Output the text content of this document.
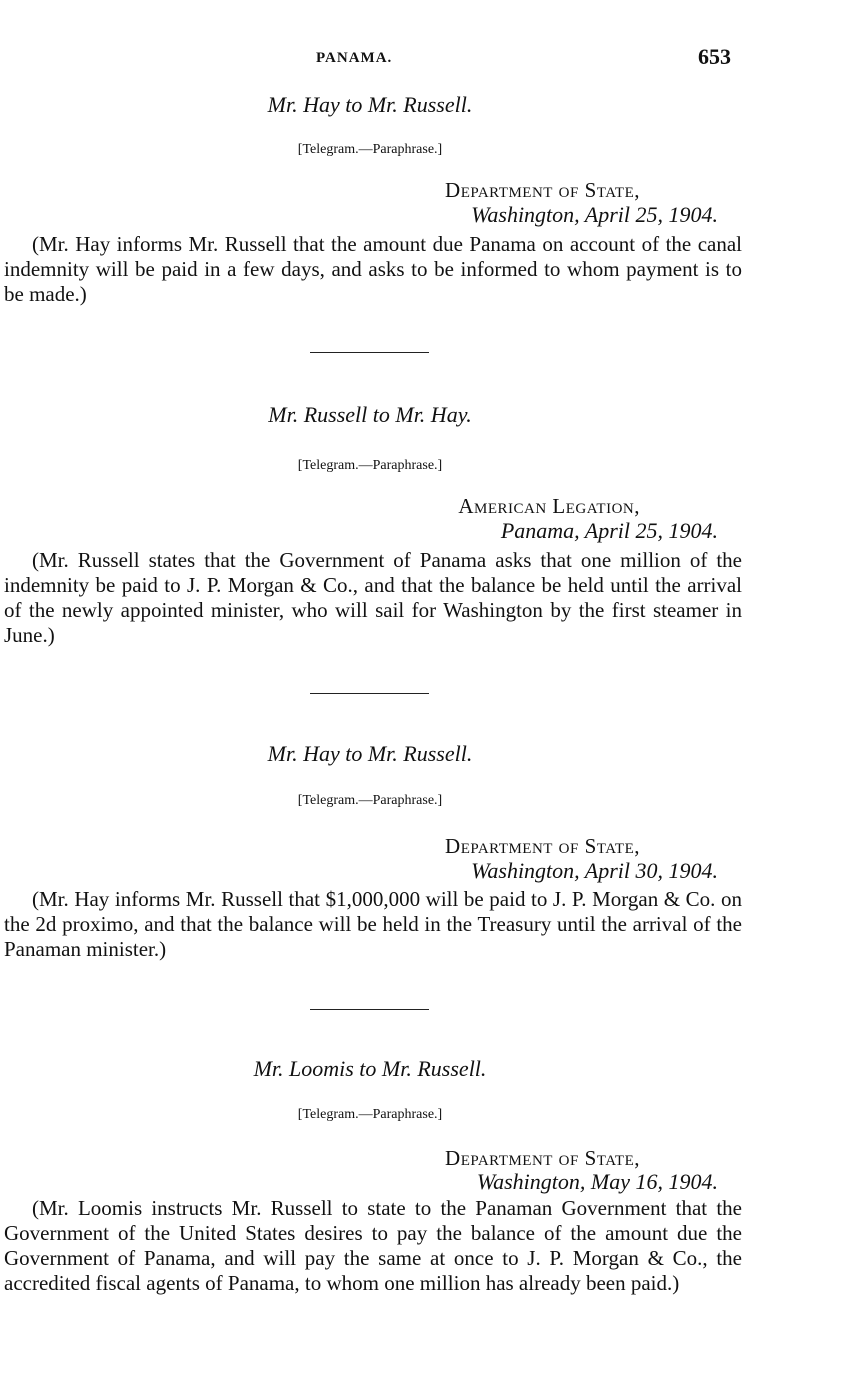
PANAMA.	653
Mr. Hay to Mr. Russell.
[Telegram.—Paraphrase.]
Department of State,
Washington, April 25, 1904.
(Mr. Hay informs Mr. Russell that the amount due Panama on account of the canal indemnity will be paid in a few days, and asks to be informed to whom payment is to be made.)
Mr. Russell to Mr. Hay.
[Telegram.—Paraphrase.]
American Legation,
Panama, April 25, 1904.
(Mr. Russell states that the Government of Panama asks that one million of the indemnity be paid to J. P. Morgan & Co., and that the balance be held until the arrival of the newly appointed minister, who will sail for Washington by the first steamer in June.)
Mr. Hay to Mr. Russell.
[Telegram.—Paraphrase.]
Department of State,
Washington, April 30, 1904.
(Mr. Hay informs Mr. Russell that $1,000,000 will be paid to J. P. Morgan & Co. on the 2d proximo, and that the balance will be held in the Treasury until the arrival of the Panaman minister.)
Mr. Loomis to Mr. Russell.
[Telegram.—Paraphrase.]
Department of State,
Washington, May 16, 1904.
(Mr. Loomis instructs Mr. Russell to state to the Panaman Government that the Government of the United States desires to pay the balance of the amount due the Government of Panama, and will pay the same at once to J. P. Morgan & Co., the accredited fiscal agents of Panama, to whom one million has already been paid.)
